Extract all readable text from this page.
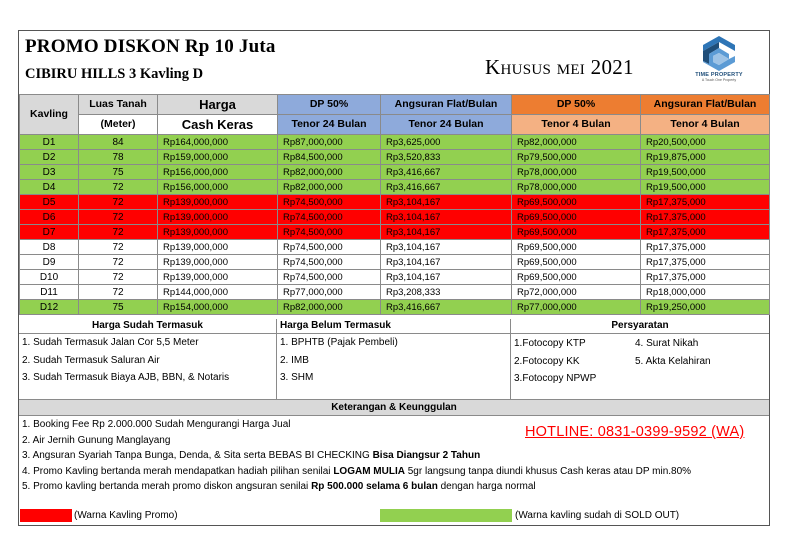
PROMO DISKON Rp 10 Juta
CIBIRU HILLS 3 Kavling D	Khusus mei 2021	TIME PROPERTY
A Touch One Property
Kavling	Luas Tanah	Harga	DP 50%	Angsuran Flat/Bulan	DP 50%	Angsuran Flat/Bulan
	(Meter)	Cash Keras	Tenor 24 Bulan	Tenor 24 Bulan	Tenor 4 Bulan	Tenor 4 Bulan
D1	84	Rp164,000,000	Rp87,000,000	Rp3,625,000	Rp82,000,000	Rp20,500,000
D2	78	Rp159,000,000	Rp84,500,000	Rp3,520,833	Rp79,500,000	Rp19,875,000
D3	75	Rp156,000,000	Rp82,000,000	Rp3,416,667	Rp78,000,000	Rp19,500,000
D4	72	Rp156,000,000	Rp82,000,000	Rp3,416,667	Rp78,000,000	Rp19,500,000
D5	72	Rp139,000,000	Rp74,500,000	Rp3,104,167	Rp69,500,000	Rp17,375,000
D6	72	Rp139,000,000	Rp74,500,000	Rp3,104,167	Rp69,500,000	Rp17,375,000
D7	72	Rp139,000,000	Rp74,500,000	Rp3,104,167	Rp69,500,000	Rp17,375,000
D8	72	Rp139,000,000	Rp74,500,000	Rp3,104,167	Rp69,500,000	Rp17,375,000
D9	72	Rp139,000,000	Rp74,500,000	Rp3,104,167	Rp69,500,000	Rp17,375,000
D10	72	Rp139,000,000	Rp74,500,000	Rp3,104,167	Rp69,500,000	Rp17,375,000
D11	72	Rp144,000,000	Rp77,000,000	Rp3,208,333	Rp72,000,000	Rp18,000,000
D12	75	Rp154,000,000	Rp82,000,000	Rp3,416,667	Rp77,000,000	Rp19,250,000
Harga Sudah Termasuk
1. Sudah Termasuk Jalan Cor 5,5 Meter
2. Sudah Termasuk Saluran Air
3. Sudah Termasuk Biaya AJB, BBN, & Notaris
Harga Belum Termasuk
1. BPHTB (Pajak Pembeli)
2. IMB
3. SHM
Persyaratan
1.Fotocopy KTP
2.Fotocopy KK
3.Fotocopy NPWP
4. Surat Nikah
5. Akta Kelahiran
Keterangan & Keunggulan
1. Booking Fee Rp 2.000.000 Sudah Mengurangi Harga Jual
2. Air Jernih Gunung Manglayang
3. Angsuran Syariah Tanpa Bunga, Denda, & Sita serta BEBAS BI CHECKING Bisa Diangsur 2 Tahun
4. Promo Kavling bertanda merah mendapatkan hadiah pilihan senilai LOGAM MULIA 5gr langsung tanpa diundi khusus Cash keras atau DP min.80%
5. Promo kavling bertanda merah promo diskon angsuran senilai Rp 500.000 selama 6 bulan dengan harga normal
HOTLINE: 0831-0399-9592 (WA)
(Warna Kavling Promo)	(Warna kavling sudah di SOLD OUT)
